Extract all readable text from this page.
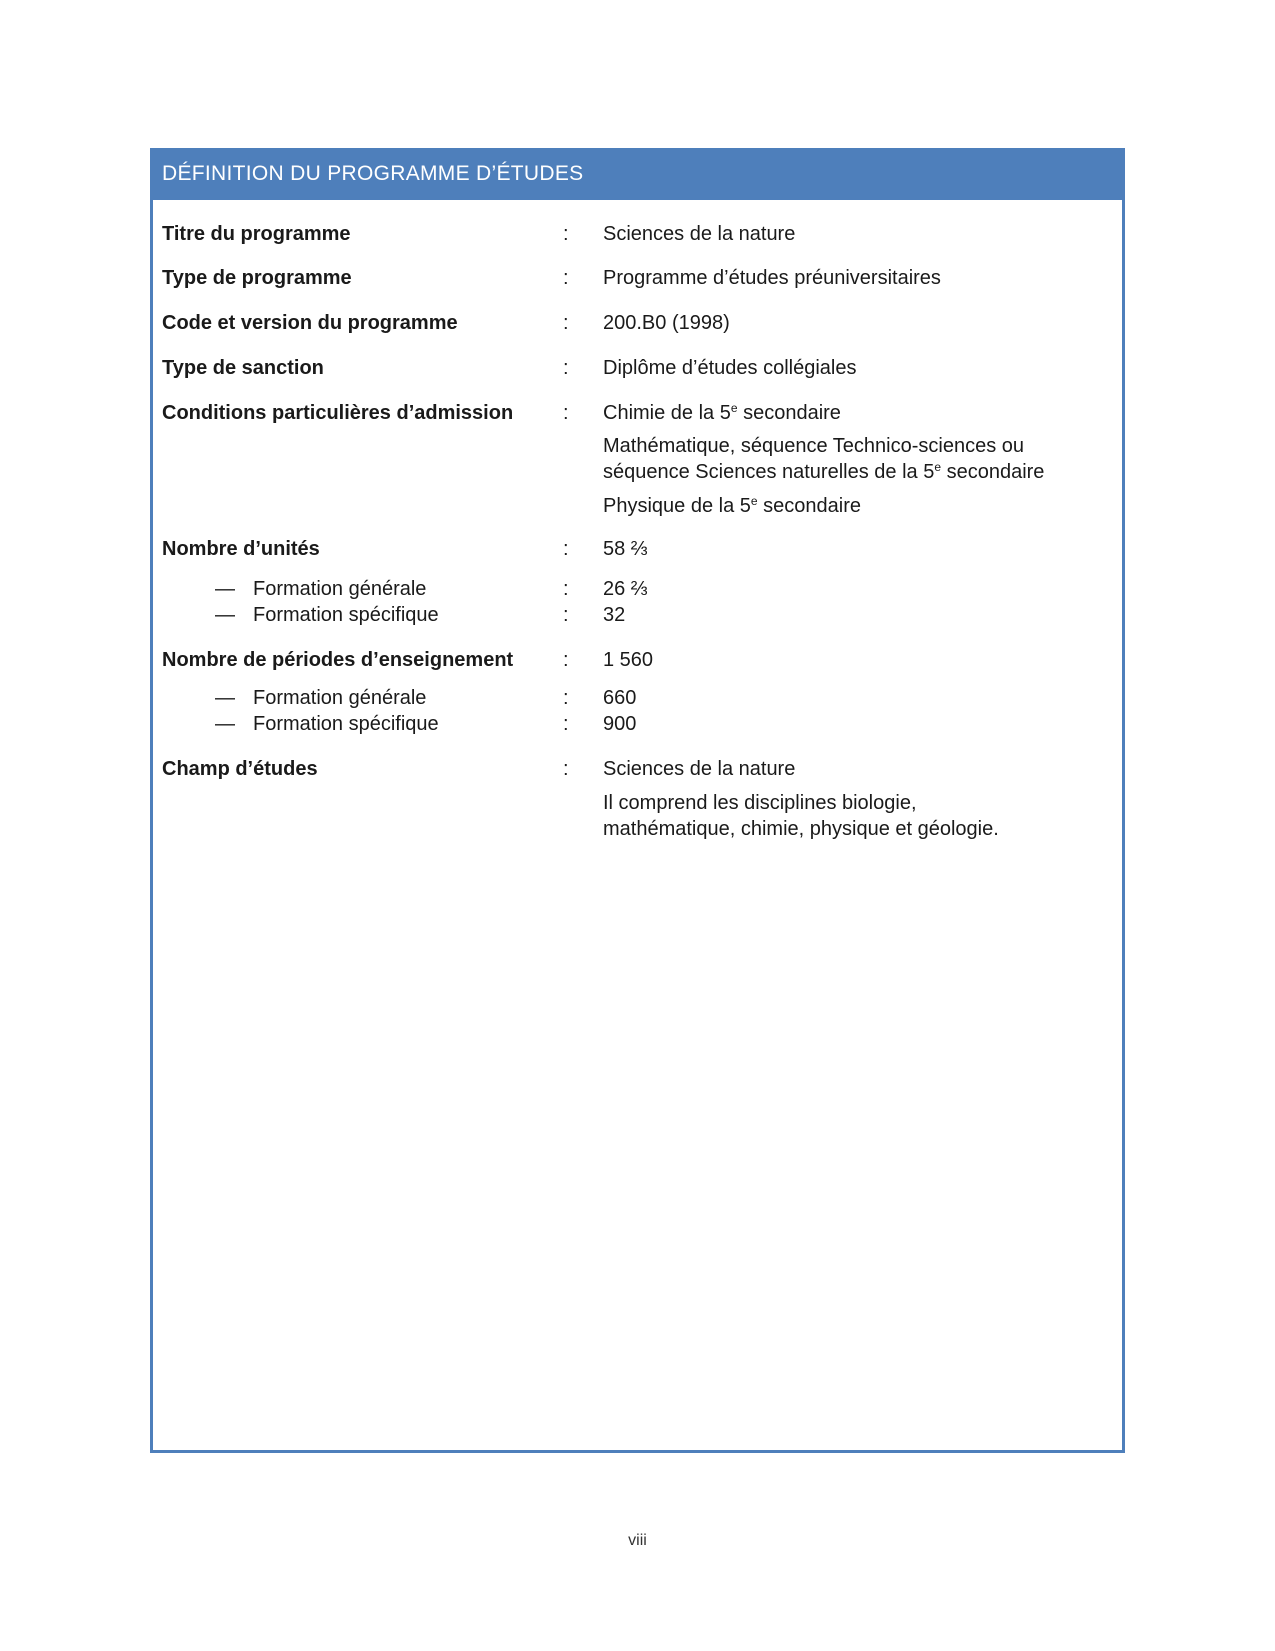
DÉFINITION DU PROGRAMME D’ÉTUDES
Titre du programme	: Sciences de la nature
Type de programme	: Programme d’études préuniversitaires
Code et version du programme	: 200.B0 (1998)
Type de sanction	: Diplôme d’études collégiales
Conditions particulières d’admission : Chimie de la 5e secondaire
Mathématique, séquence Technico-sciences ou
séquence Sciences naturelles de la 5e secondaire
Physique de la 5e secondaire
Nombre d’unités	: 58 ⅔
— Formation générale	: 26 ⅔
— Formation spécifique	: 32
Nombre de périodes d’enseignement : 1 560
— Formation générale	: 660
— Formation spécifique	: 900
Champ d’études	: Sciences de la nature
Il comprend les disciplines biologie,
mathématique, chimie, physique et géologie.
viii
